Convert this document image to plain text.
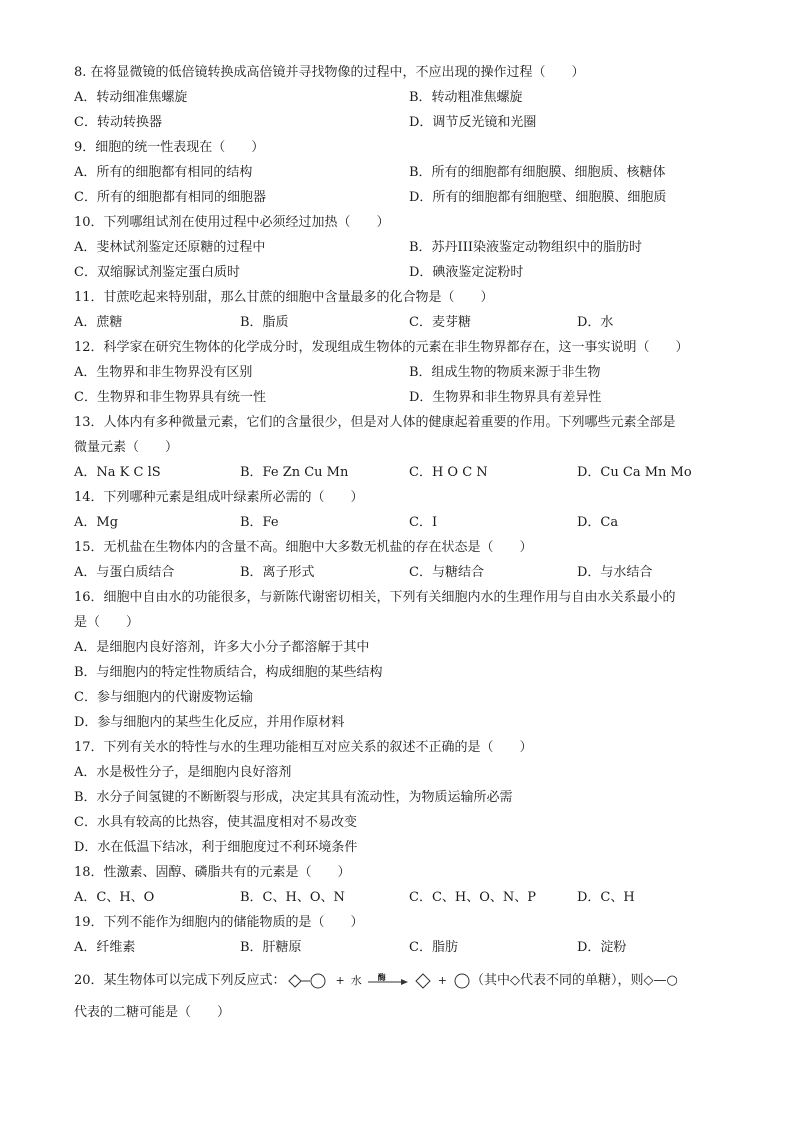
8. 在将显微镜的低倍镜转换成高倍镜并寻找物像的过程中，不应出现的操作过程（　　）
A．转动细准焦螺旋	B．转动粗准焦螺旋
C．转动转换器	D．调节反光镜和光圈
9．细胞的统一性表现在（　　）
A．所有的细胞都有相同的结构	B．所有的细胞都有细胞膜、细胞质、核糖体
C．所有的细胞都有相同的细胞器	D．所有的细胞都有细胞壁、细胞膜、细胞质
10．下列哪组试剂在使用过程中必须经过加热（　　）
A．斐林试剂鉴定还原糖的过程中	B．苏丹III染液鉴定动物组织中的脂肪时
C．双缩脲试剂鉴定蛋白质时	D．碘液鉴定淀粉时
11．甘蔗吃起来特别甜，那么甘蔗的细胞中含量最多的化合物是（　　）
A．蔗糖	B．脂质	C．麦芽糖	D．水
12．科学家在研究生物体的化学成分时，发现组成生物体的元素在非生物界都存在，这一事实说明（　　）
A．生物界和非生物界没有区别	B．组成生物的物质来源于非生物
C．生物界和非生物界具有统一性	D．生物界和非生物界具有差异性
13．人体内有多种微量元素，它们的含量很少，但是对人体的健康起着重要的作用。下列哪些元素全部是
微量元素（　　）
A．Na K C lS	B．Fe Zn Cu Mn	C．H O C N	D．Cu Ca Mn Mo
14．下列哪种元素是组成叶绿素所必需的（　　）
A．Mg	B．Fe	C．I	D．Ca
15．无机盐在生物体内的含量不高。细胞中大多数无机盐的存在状态是（　　）
A．与蛋白质结合	B．离子形式	C．与糖结合	D．与水结合
16．细胞中自由水的功能很多，与新陈代谢密切相关，下列有关细胞内水的生理作用与自由水关系最小的
是（　　）
A．是细胞内良好溶剂，许多大小分子都溶解于其中
B．与细胞内的特定性物质结合，构成细胞的某些结构
C．参与细胞内的代谢废物运输
D．参与细胞内的某些生化反应，并用作原材料
17．下列有关水的特性与水的生理功能相互对应关系的叙述不正确的是（　　）
A．水是极性分子，是细胞内良好溶剂
B．水分子间氢键的不断断裂与形成，决定其具有流动性，为物质运输所必需
C．水具有较高的比热容，使其温度相对不易改变
D．水在低温下结冰，利于细胞度过不利环境条件
18．性激素、固醇、磷脂共有的元素是（　　）
A．C、H、O	B．C、H、O、N	C．C、H、O、N、P	D．C、H
19．下列不能作为细胞内的储能物质的是（　　）
A．纤维素	B．肝糖原	C．脂肪	D．淀粉
20．某生物体可以完成下列反应式：	+ 水 酶	+ （其中◇代表不同的单糖），则◇—○
代表的二糖可能是（　　）
